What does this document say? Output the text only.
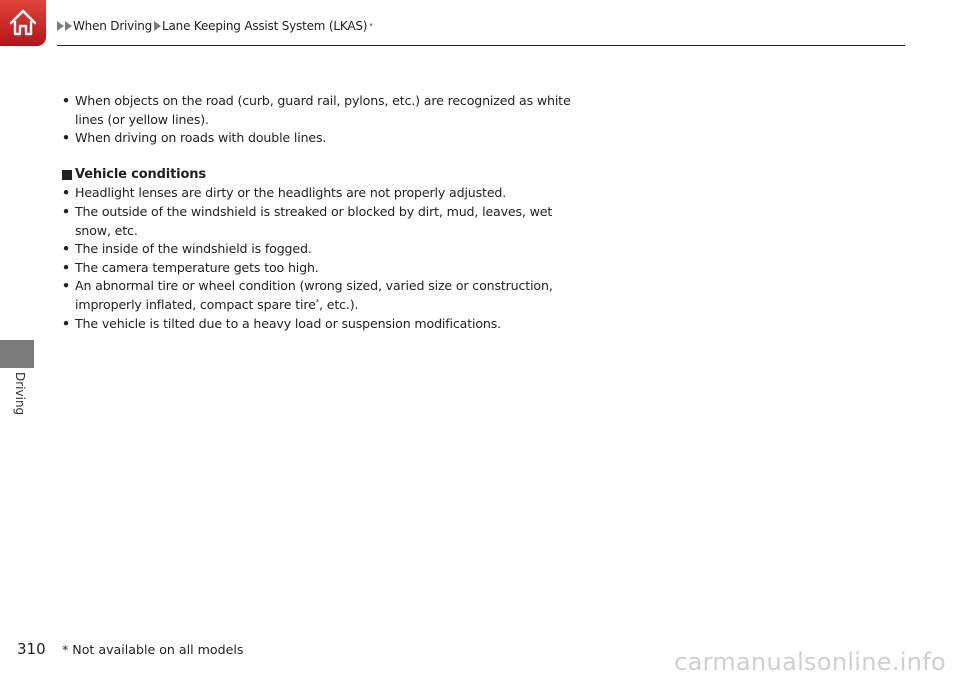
When Driving Lane Keeping Assist System (LKAS) *
Driving

• When objects on the road (curb, guard rail, pylons, etc.) are recognized as white
lines (or yellow lines).

• When driving on roads with double lines.

Vehicle conditions

• Headlight lenses are dirty or the headlights are not properly adjusted.

• The outside of the windshield is streaked or blocked by dirt, mud, leaves, wet
snow, etc.

• The inside of the windshield is fogged.

• The camera temperature gets too high.

• An abnormal tire or wheel condition (wrong sized, varied size or construction,
improperly inflated, compact spare tire*, etc.).

• The vehicle is tilted due to a heavy load or suspension modifications.

310 * Not available on all models	carmanualsonline.info
